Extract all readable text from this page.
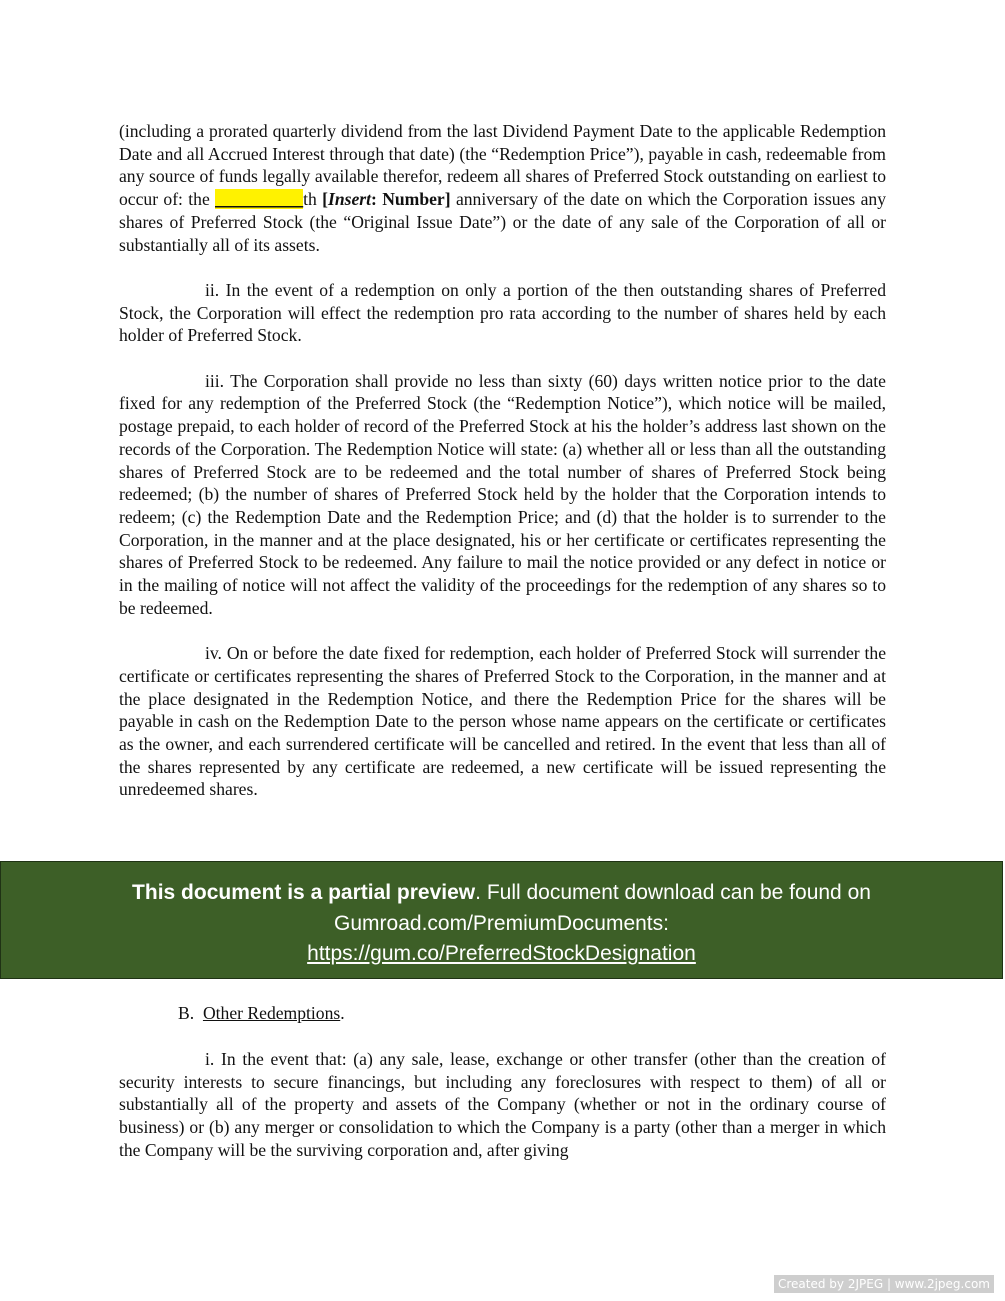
(including a prorated quarterly dividend from the last Dividend Payment Date to the applicable Redemption Date and all Accrued Interest through that date) (the “Redemption Price”), payable in cash, redeemable from any source of funds legally available therefor, redeem all shares of Preferred Stock outstanding on earliest to occur of: the __________th [Insert: Number] anniversary of the date on which the Corporation issues any shares of Preferred Stock (the “Original Issue Date”) or the date of any sale of the Corporation of all or substantially all of its assets.

ii. In the event of a redemption on only a portion of the then outstanding shares of Preferred Stock, the Corporation will effect the redemption pro rata according to the number of shares held by each holder of Preferred Stock.

iii. The Corporation shall provide no less than sixty (60) days written notice prior to the date fixed for any redemption of the Preferred Stock (the “Redemption Notice”), which notice will be mailed, postage prepaid, to each holder of record of the Preferred Stock at his the holder’s address last shown on the records of the Corporation. The Redemption Notice will state: (a) whether all or less than all the outstanding shares of Preferred Stock are to be redeemed and the total number of shares of Preferred Stock being redeemed; (b) the number of shares of Preferred Stock held by the holder that the Corporation intends to redeem; (c) the Redemption Date and the Redemption Price; and (d) that the holder is to surrender to the Corporation, in the manner and at the place designated, his or her certificate or certificates representing the shares of Preferred Stock to be redeemed. Any failure to mail the notice provided or any defect in notice or in the mailing of notice will not affect the validity of the proceedings for the redemption of any shares so to be redeemed.

iv. On or before the date fixed for redemption, each holder of Preferred Stock will surrender the certificate or certificates representing the shares of Preferred Stock to the Corporation, in the manner and at the place designated in the Redemption Notice, and there the Redemption Price for the shares will be payable in cash on the Redemption Date to the person whose name appears on the certificate or certificates as the owner, and each surrendered certificate will be cancelled and retired. In the event that less than all of the shares represented by any certificate are redeemed, a new certificate will be issued representing the unredeemed shares.

This document is a partial preview. Full document download can be found on
Gumroad.com/PremiumDocuments:
https://gum.co/PreferredStockDesignation
B. Other Redemptions.

i. In the event that: (a) any sale, lease, exchange or other transfer (other than the creation of security interests to secure financings, but including any foreclosures with respect to them) of all or substantially all of the property and assets of the Company (whether or not in the ordinary course of business) or (b) any merger or consolidation to which the Company is a party (other than a merger in which the Company will be the surviving corporation and, after giving

Created by 2JPEG | www.2jpeg.com
